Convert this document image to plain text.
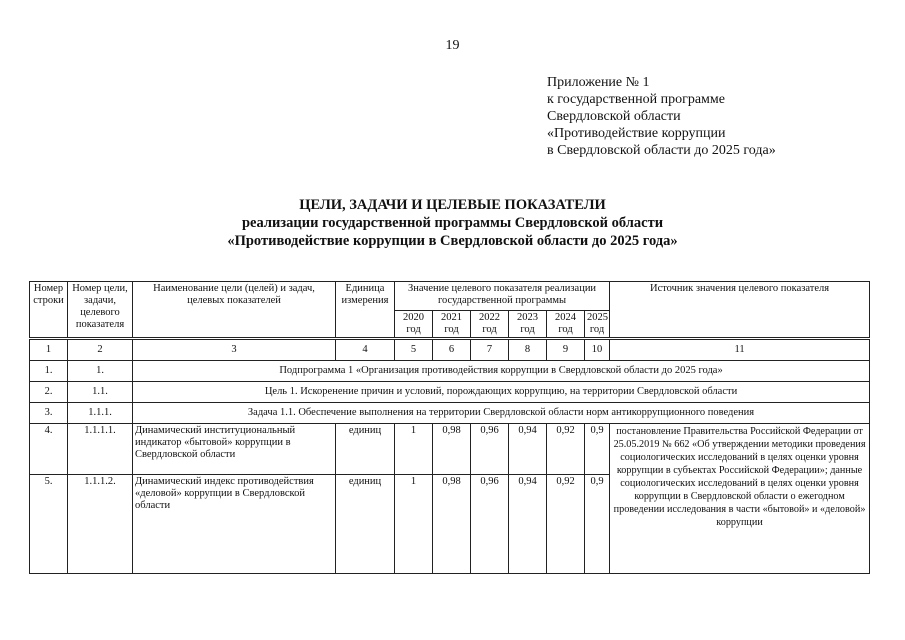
19
Приложение № 1
к государственной программе
Свердловской области
«Противодействие коррупции
в Свердловской области до 2025 года»
ЦЕЛИ, ЗАДАЧИ И ЦЕЛЕВЫЕ ПОКАЗАТЕЛИ
реализации государственной программы Свердловской области
«Противодействие коррупции в Свердловской области до 2025 года»
Номер строки	Номер цели, задачи, целевого показателя	Наименование цели (целей) и задач, целевых показателей	Единица измерения	Значение целевого показателя реализации государственной программы						Источник значения целевого показателя
				2020 год	2021 год	2022 год	2023 год	2024 год	2025 год	
1	2	3	4	5	6	7	8	9	10	11
1.	1.	Подпрограмма 1 «Организация противодействия коррупции в Свердловской области до 2025 года»								
2.	1.1.	Цель 1. Искоренение причин и условий, порождающих коррупцию, на территории Свердловской области								
3.	1.1.1.	Задача 1.1. Обеспечение выполнения на территории Свердловской области норм антикоррупционного поведения								
4.	1.1.1.1.	Динамический институциональный индикатор «бытовой» коррупции в Свердловской области	единиц	1	0,98	0,96	0,94	0,92	0,9	постановление Правительства Российской Федерации от 25.05.2019 № 662 «Об утверждении методики проведения социологических исследований в целях оценки уровня коррупции в субъектах Российской Федерации»; данные социологических исследований в целях оценки уровня коррупции в Свердловской области о ежегодном проведении исследования в части «бытовой» и «деловой» коррупции
5.	1.1.1.2.	Динамический индекс противодействия «деловой» коррупции в Свердловской области	единиц	1	0,98	0,96	0,94	0,92	0,9	
